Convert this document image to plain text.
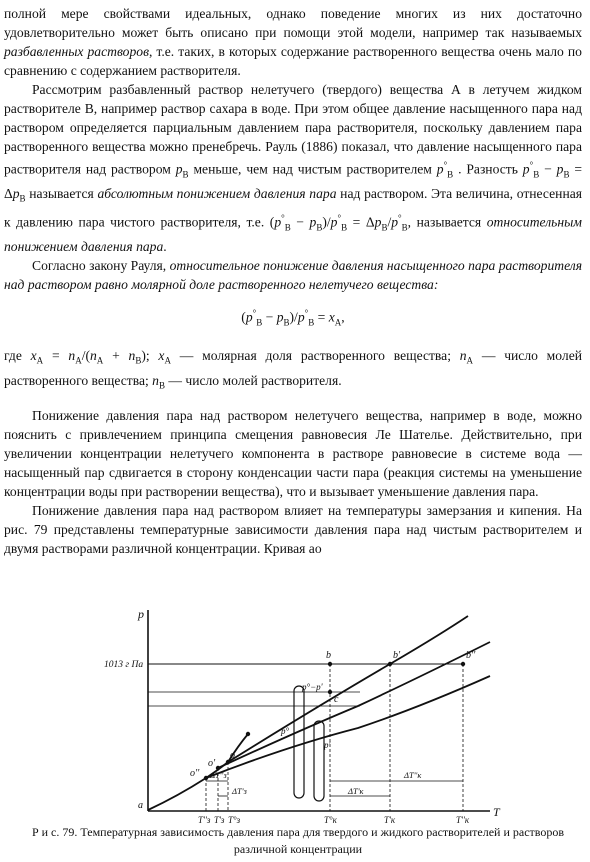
полной мере свойствами идеальных, однако поведение многих из них достаточно удовлетворительно может быть описано при помощи этой модели, например так называемых разбавленных растворов, т.е. таких, в которых содержание растворенного вещества очень мало по сравнению с содержанием растворителя.

Рассмотрим разбавленный раствор нелетучего (твердого) вещества А в летучем жидком растворителе В, например раствор сахара в воде. При этом общее давление насыщенного пара над раствором определяется парциальным давлением пара растворителя, поскольку давлением пара растворенного вещества можно пренебречь. Рауль (1886) показал, что давление насыщенного пара растворителя над раствором $p_B$ меньше, чем над чистым растворителем $p^\circ_B$ . Разность $p^\circ_B - p_B = \Delta p_B$ называется абсолютным понижением давления пара над раствором. Эта величина, отнесенная к давлению пара чистого растворителя, т.е. $(p^\circ_B - p_B)/p^\circ_B = \Delta p_B/p^\circ_B$, называется относительным понижением давления пара.

Согласно закону Рауля, относительное понижение давления насыщенного пара растворителя над раствором равно молярной доле растворенного нелетучего вещества:

$(p^\circ_B - p_B)/p^\circ_B = x_A$,

где $x_A = n_A/(n_A + n_B)$; $x_A$ — молярная доля растворенного вещества; $n_A$ — число молей растворенного вещества; $n_B$ — число молей растворителя.

Понижение давления пара над раствором нелетучего вещества, например в воде, можно пояснить с привлечением принципа смещения равновесия Ле Шателье. Действительно, при увеличении концентрации нелетучего компонента в растворе равновесие в системе вода — насыщенный пар сдвигается в сторону конденсации части пара (реакция системы на уменьшение концентрации воды при растворении вещества), что и вызывает уменьшение давления пара.

Понижение давления пара над раствором влияет на температуры замерзания и кипения. На рис. 79 представлены температурные зависимости давления пара над чистым растворителем и двумя растворами различной концентрации. Кривая ao

p
T
1013 г Па
a
o
o'
o''
b	b'	b''
c
p°−p'
p°
p'
ΔT''з
ΔT'з
ΔT''к
ΔT'к
T''з T'з T°з	T°к	T'к	T''к
Р и с. 79. Температурная зависимость давления пара для твердого и жидкого растворителей и растворов различной концентрации
